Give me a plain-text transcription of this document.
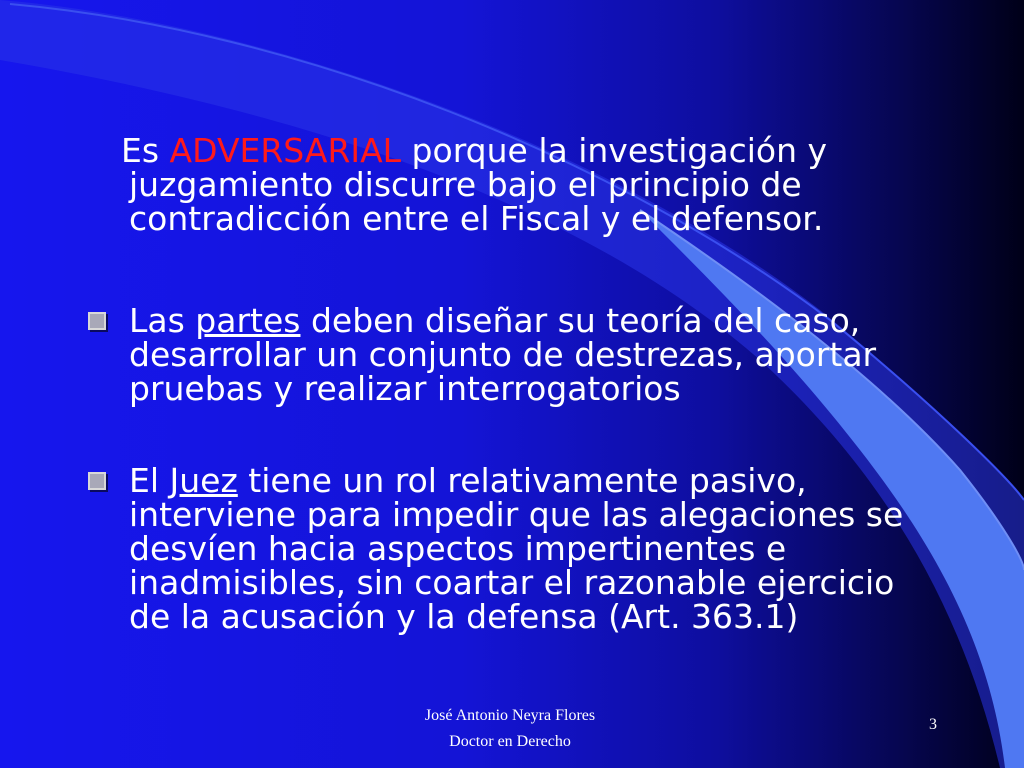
Es ADVERSARIAL porque la investigación y
juzgamiento discurre bajo el principio de
contradicción entre el Fiscal y el defensor.
Las partes deben diseñar su teoría del caso,
desarrollar un conjunto de destrezas, aportar
pruebas y realizar interrogatorios
El Juez tiene un rol relativamente pasivo,
interviene para impedir que las alegaciones se
desvíen hacia aspectos impertinentes e
inadmisibles, sin coartar el razonable ejercicio
de la acusación y la defensa (Art. 363.1)
José Antonio Neyra Flores
Doctor en Derecho
3
